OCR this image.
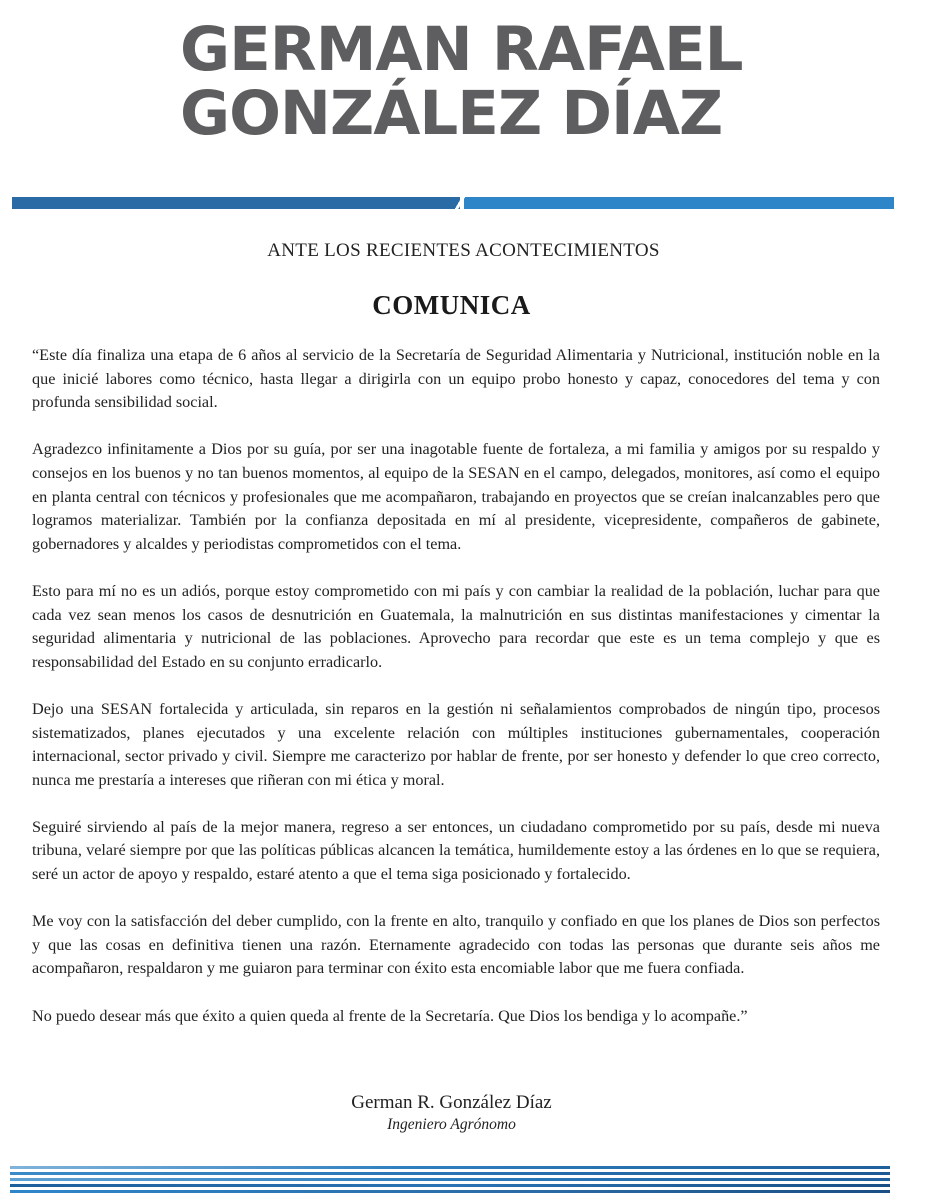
GERMAN RAFAEL
GONZÁLEZ DÍAZ
ANTE LOS RECIENTES ACONTECIMIENTOS
COMUNICA

“Este día finaliza una etapa de 6 años al servicio de la Secretaría de Seguridad Alimentaria y Nutricional, institución noble en la que inicié labores como técnico, hasta llegar a dirigirla con un equipo probo honesto y capaz, conocedores del tema y con profunda sensibilidad social.

Agradezco infinitamente a Dios por su guía, por ser una inagotable fuente de fortaleza, a mi familia y amigos por su respaldo y consejos en los buenos y no tan buenos momentos, al equipo de la SESAN en el campo, delegados, monitores, así como el equipo en planta central con técnicos y profesionales que me acompañaron, trabajando en proyectos que se creían inalcanzables pero que logramos materializar. También por la confianza depositada en mí al presidente, vicepresidente, compañeros de gabinete, gobernadores y alcaldes y periodistas comprometidos con el tema.

Esto para mí no es un adiós, porque estoy comprometido con mi país y con cambiar la realidad de la población, luchar para que cada vez sean menos los casos de desnutrición en Guatemala, la malnutrición en sus distintas manifestaciones y cimentar la seguridad alimentaria y nutricional de las poblaciones. Aprovecho para recordar que este es un tema complejo y que es responsabilidad del Estado en su conjunto erradicarlo.

Dejo una SESAN fortalecida y articulada, sin reparos en la gestión ni señalamientos comprobados de ningún tipo, procesos sistematizados, planes ejecutados y una excelente relación con múltiples instituciones gubernamentales, cooperación internacional, sector privado y civil. Siempre me caracterizo por hablar de frente, por ser honesto y defender lo que creo correcto, nunca me prestaría a intereses que riñeran con mi ética y moral.

Seguiré sirviendo al país de la mejor manera, regreso a ser entonces, un ciudadano comprometido por su país, desde mi nueva tribuna, velaré siempre por que las políticas públicas alcancen la temática, humildemente estoy a las órdenes en lo que se requiera, seré un actor de apoyo y respaldo, estaré atento a que el tema siga posicionado y fortalecido.

Me voy con la satisfacción del deber cumplido, con la frente en alto, tranquilo y confiado en que los planes de Dios son perfectos y que las cosas en definitiva tienen una razón. Eternamente agradecido con todas las personas que durante seis años me acompañaron, respaldaron y me guiaron para terminar con éxito esta encomiable labor que me fuera confiada.

No puedo desear más que éxito a quien queda al frente de la Secretaría. Que Dios los bendiga y lo acompañe.”

German R. González Díaz
Ingeniero Agrónomo
